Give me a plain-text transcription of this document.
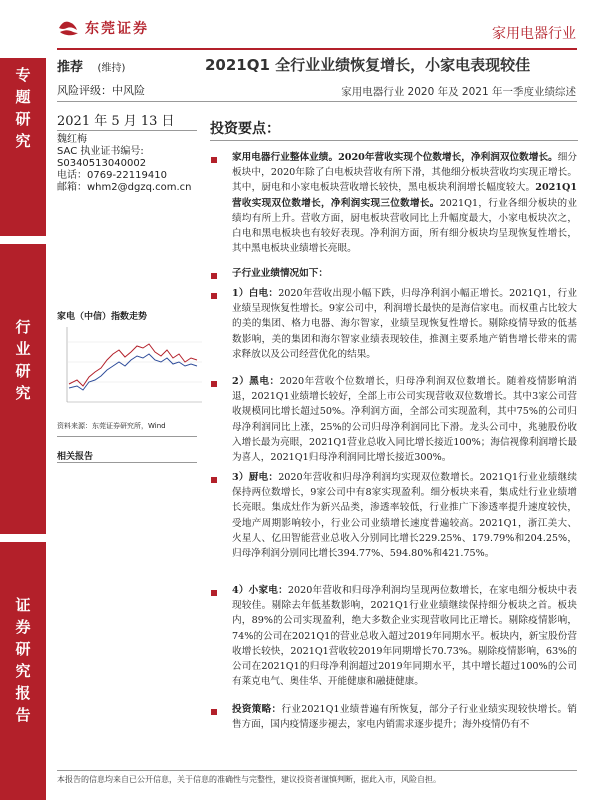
东莞证券	家用电器行业
专
题
研
究
行
业
研
究
证
券
研
究
报
告
推荐 (维持)
风险评级：中风险
2021Q1 全行业业绩恢复增长，小家电表现较佳
家用电器行业 2020 年及 2021 年一季度业绩综述
2021 年 5 月 13 日
魏红梅
SAC 执业证书编号:
S0340513040002
电话：0769-22119410
邮箱：whm2@dgzq.com.cn
家电（中信）指数走势
资料来源：东莞证券研究所，Wind
相关报告
投资要点：
家用电器行业整体业绩。2020年营收实现个位数增长，净利润双位数增长。细分板块中，2020年除了白电板块营收有所下滑，其他细分板块营收均实现正增长。其中，厨电和小家电板块营收增长较快，黑电板块利润增长幅度较大。2021Q1营收实现双位数增长，净利润实现三位数增长。2021Q1，行业各细分板块的业绩均有所上升。营收方面，厨电板块营收同比上升幅度最大，小家电板块次之，白电和黑电板块也有较好表现。净利润方面，所有细分板块均呈现恢复性增长，其中黑电板块业绩增长亮眼。
子行业业绩情况如下：
1）白电：2020年营收出现小幅下跌，归母净利润小幅正增长。2021Q1，行业业绩呈现恢复性增长。9家公司中，利润增长最快的是海信家电。而权重占比较大的美的集团、格力电器、海尔智家，业绩呈现恢复性增长。剔除疫情导致的低基数影响，美的集团和海尔智家业绩表现较佳，推测主要系地产销售增长带来的需求释放以及公司经营优化的结果。
2）黑电：2020年营收个位数增长，归母净利润双位数增长。随着疫情影响消退，2021Q1业绩增长较好，全部上市公司实现营收双位数增长。其中3家公司营收规模同比增长超过50%。净利润方面，全部公司实现盈利，其中75%的公司归母净利润同比上涨，25%的公司归母净利润同比下滑。龙头公司中，兆驰股份收入增长最为亮眼，2021Q1营业总收入同比增长接近100%；海信视像利润增长最为喜人，2021Q1归母净利润同比增长接近300%。
3）厨电：2020年营收和归母净利润均实现双位数增长。2021Q1行业业绩继续保持两位数增长，9家公司中有8家实现盈利。细分板块来看，集成灶行业业绩增长亮眼。集成灶作为新兴品类，渗透率较低，行业推广下渗透率提升速度较快，受地产周期影响较小，行业公司业绩增长速度普遍较高。2021Q1，浙江美大、火星人、亿田智能营业总收入分别同比增长229.25%、179.79%和204.25%，归母净利润分别同比增长394.77%、594.80%和421.75%。
4）小家电：2020年营收和归母净利润均呈现两位数增长，在家电细分板块中表现较佳。剔除去年低基数影响，2021Q1行业业绩继续保持细分板块之首。板块内，89%的公司实现盈利，绝大多数企业实现营收同比正增长。剔除疫情影响，74%的公司在2021Q1的营业总收入超过2019年同期水平。板块内，新宝股份营收增长较快，2021Q1营收较2019年同期增长70.73%。剔除疫情影响，63%的公司在2021Q1的归母净利润超过2019年同期水平，其中增长超过100%的公司有莱克电气、奥佳华、开能健康和融捷健康。
投资策略：行业2021Q1业绩普遍有所恢复，部分子行业业绩实现较快增长。销售方面，国内疫情逐步褪去，家电内销需求逐步提升；海外疫情仍有不
本报告的信息均来自已公开信息，关于信息的准确性与完整性，建议投资者谨慎判断，据此入市，风险自担。
